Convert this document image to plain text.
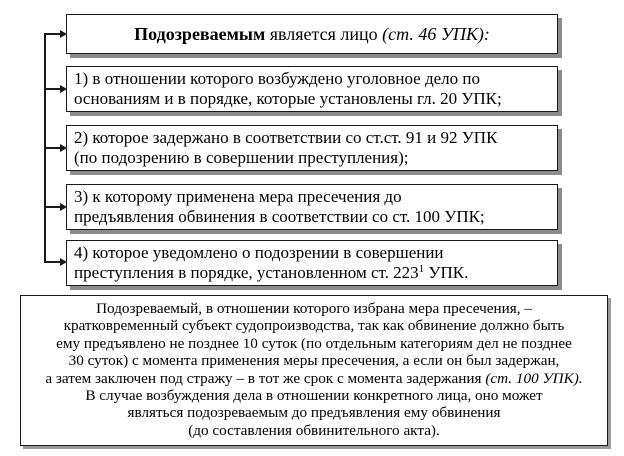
Подозреваемым является лицо (ст. 46 УПК):

1) в отношении которого возбуждено уголовное дело по

основаниям и в порядке, которые установлены гл. 20 УПК;

2) которое задержано в соответствии со ст.ст. 91 и 92 УПК

(по подозрению в совершении преступления);

3) к которому применена мера пресечения до

предъявления обвинения в соответствии со ст. 100 УПК;

4) которое уведомлено о подозрении в совершении

преступления в порядке, установленном ст. $223^1$ УПК.

Подозреваемый, в отношении которого избрана мера пресечения, –

кратковременный субъект судопроизводства, так как обвинение должно быть

ему предъявлено не позднее 10 суток (по отдельным категориям дел не позднее

30 суток) с момента применения меры пресечения, а если он был задержан,

а затем заключен под стражу – в тот же срок с момента задержания (ст. 100 УПК).

В случае возбуждения дела в отношении конкретного лица, оно может

являться подозреваемым до предъявления ему обвинения

(до составления обвинительного акта).
